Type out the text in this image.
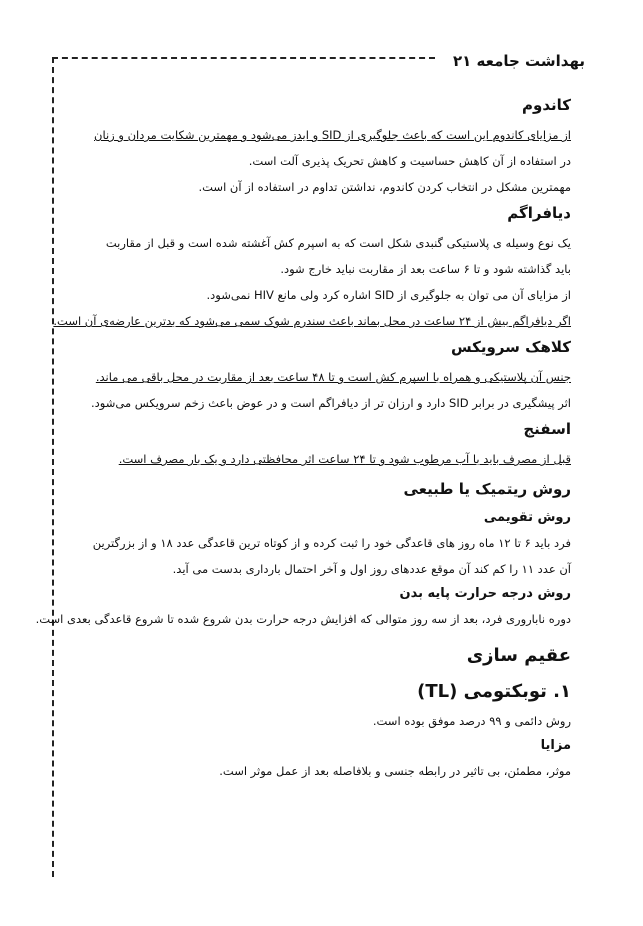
بهداشت جامعه ۲۱
کاندوم

از مزایای کاندوم این است که باعث جلوگیری از SID و ایدز می‌شود و مهمترین شکایت مردان و زنان

در استفاده از آن کاهش حساسیت و کاهش تحریک پذیری آلت است.

مهمترین مشکل در انتخاب کردن کاندوم، نداشتن تداوم در استفاده از آن است.

دیافراگم

یک نوع وسیله ی پلاستیکی گنبدی شکل است که به اسپرم کش آغشته شده است و قبل از مقاربت

باید گذاشته شود و تا ۶ ساعت بعد از مقاربت نباید خارج شود.

از مزایای آن می توان به جلوگیری از SID اشاره کرد ولی مانع HIV نمی‌شود.

اگر دیافراگم بیش از ۲۴ ساعت در محل بماند باعث سندرم شوک سمی می‌شود که بدترین عارضه‌ی آن است.

کلاهک سرویکس

جنس آن پلاستیکی و همراه با اسپرم کش است و تا ۴۸ ساعت بعد از مقاربت در محل باقی می ماند.

اثر پیشگیری در برابر SID دارد و ارزان تر از دیافراگم است و در عوض باعث زخم سرویکس می‌شود.

اسفنج

قبل از مصرف باید با آب مرطوب شود و تا ۲۴ ساعت اثر محافظتی دارد و یک بار مصرف است.

روش ریتمیک یا طبیعی
روش تقویمی

فرد باید ۶ تا ۱۲ ماه روز های قاعدگی خود را ثبت کرده و از کوتاه ترین قاعدگی عدد ۱۸ و از بزرگترین

آن عدد ۱۱ را کم کند آن موقع عددهای روز اول و آخر احتمال بارداری بدست می آید.

روش درجه حرارت پایه بدن

دوره ناباروری فرد، بعد از سه روز متوالی که افزایش درجه حرارت بدن شروع شده تا شروع قاعدگی بعدی است.

عقیم سازی
۱. توبکتومی (TL)

روش دائمی و ۹۹ درصد موفق بوده است.

مزایا

موثر، مطمئن، بی تاثیر در رابطه جنسی و بلافاصله بعد از عمل موثر است.
